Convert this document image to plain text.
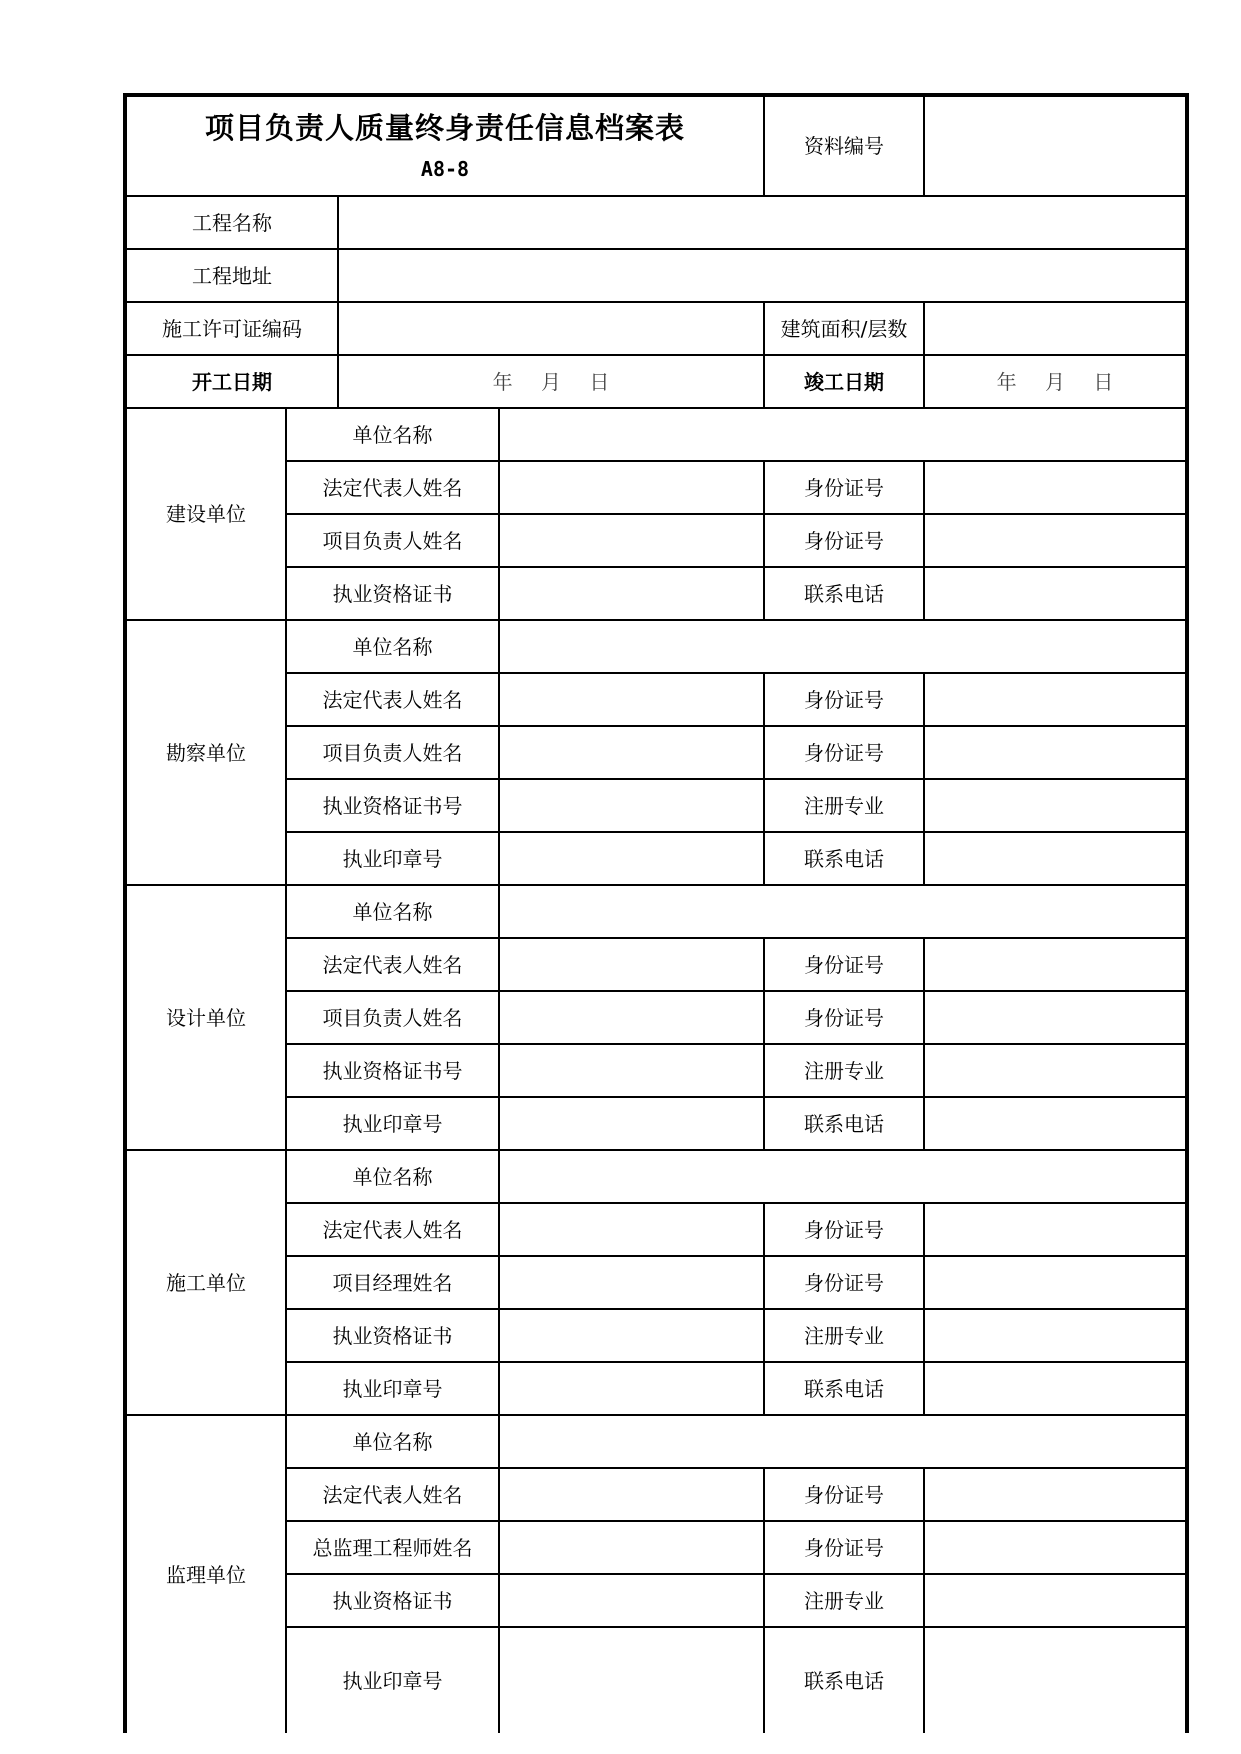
项目负责人质量终身责任信息档案表
A8-8
资料编号
工程名称
工程地址
施工许可证编码	建筑面积/层数
开工日期	年 月 日	竣工日期	年 月 日
建设单位
单位名称
法定代表人姓名	身份证号
项目负责人姓名	身份证号
执业资格证书	联系电话
勘察单位
单位名称
法定代表人姓名	身份证号
项目负责人姓名	身份证号
执业资格证书号	注册专业
执业印章号	联系电话
设计单位
单位名称
法定代表人姓名	身份证号
项目负责人姓名	身份证号
执业资格证书号	注册专业
执业印章号	联系电话
施工单位
单位名称
法定代表人姓名	身份证号
项目经理姓名	身份证号
执业资格证书	注册专业
执业印章号	联系电话
监理单位
单位名称
法定代表人姓名	身份证号
总监理工程师姓名	身份证号
执业资格证书	注册专业
执业印章号	联系电话
